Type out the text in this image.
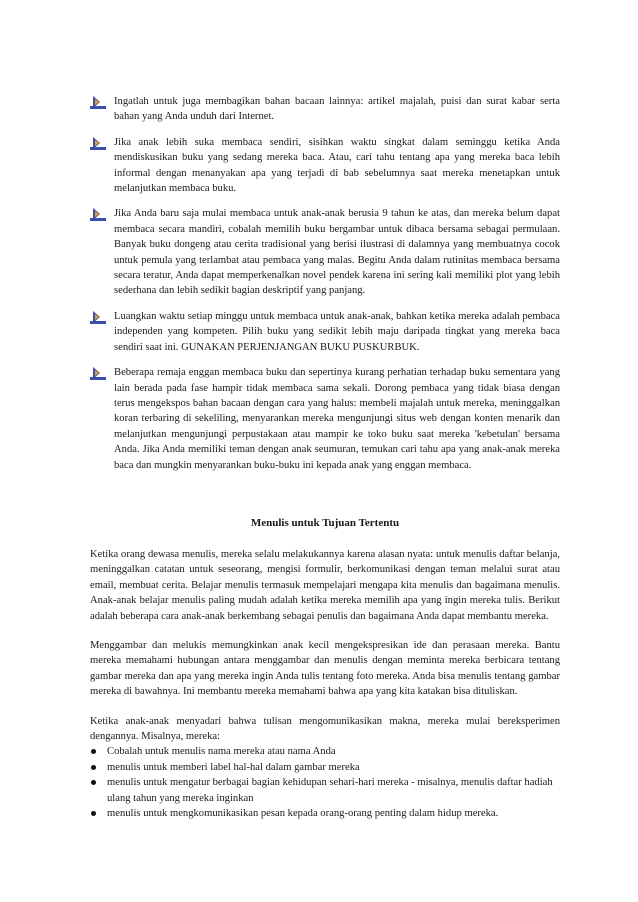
Ingatlah untuk juga membagikan bahan bacaan lainnya: artikel majalah, puisi dan surat kabar serta bahan yang Anda unduh dari Internet.
Jika anak lebih suka membaca sendiri, sisihkan waktu singkat dalam seminggu ketika Anda mendiskusikan buku yang sedang mereka baca. Atau, cari tahu tentang apa yang mereka baca lebih informal dengan menanyakan apa yang terjadi di bab sebelumnya saat mereka menetapkan untuk melanjutkan membaca buku.
Jika Anda baru saja mulai membaca untuk anak-anak berusia 9 tahun ke atas, dan mereka belum dapat membaca secara mandiri, cobalah memilih buku bergambar untuk dibaca bersama sebagai permulaan. Banyak buku dongeng atau cerita tradisional yang berisi ilustrasi di dalamnya yang membuatnya cocok untuk pemula yang terlambat atau pembaca yang malas. Begitu Anda dalam rutinitas membaca bersama secara teratur, Anda dapat memperkenalkan novel pendek karena ini sering kali memiliki plot yang lebih sederhana dan lebih sedikit bagian deskriptif yang panjang.
Luangkan waktu setiap minggu untuk membaca untuk anak-anak, bahkan ketika mereka adalah pembaca independen yang kompeten. Pilih buku yang sedikit lebih maju daripada tingkat yang mereka baca sendiri saat ini. GUNAKAN PERJENJANGAN BUKU PUSKURBUK.
Beberapa remaja enggan membaca buku dan sepertinya kurang perhatian terhadap buku sementara yang lain berada pada fase hampir tidak membaca sama sekali. Dorong pembaca yang tidak biasa dengan terus mengekspos bahan bacaan dengan cara yang halus: membeli majalah untuk mereka, meninggalkan koran terbaring di sekeliling, menyarankan mereka mengunjungi situs web dengan konten menarik dan melanjutkan mengunjungi perpustakaan atau mampir ke toko buku saat mereka 'kebetulan' bersama Anda. Jika Anda memiliki teman dengan anak seumuran, temukan cari tahu apa yang anak-anak mereka baca dan mungkin menyarankan buku-buku ini kepada anak yang enggan membaca.
Menulis untuk Tujuan Tertentu

Ketika orang dewasa menulis, mereka selalu melakukannya karena alasan nyata: untuk menulis daftar belanja, meninggalkan catatan untuk seseorang, mengisi formulir, berkomunikasi dengan teman melalui surat atau email, membuat cerita. Belajar menulis termasuk mempelajari mengapa kita menulis dan bagaimana menulis. Anak-anak belajar menulis paling mudah adalah ketika mereka memilih apa yang ingin mereka tulis. Berikut adalah beberapa cara anak-anak berkembang sebagai penulis dan bagaimana Anda dapat membantu mereka.

Menggambar dan melukis memungkinkan anak kecil mengekspresikan ide dan perasaan mereka. Bantu mereka memahami hubungan antara menggambar dan menulis dengan meminta mereka berbicara tentang gambar mereka dan apa yang mereka ingin Anda tulis tentang foto mereka. Anda bisa menulis tentang gambar mereka di bawahnya. Ini membantu mereka memahami bahwa apa yang kita katakan bisa dituliskan.

Ketika anak-anak menyadari bahwa tulisan mengomunikasikan makna, mereka mulai bereksperimen dengannya. Misalnya, mereka:

Cobalah untuk menulis nama mereka atau nama Anda
menulis untuk memberi label hal-hal dalam gambar mereka
menulis untuk mengatur berbagai bagian kehidupan sehari-hari mereka - misalnya, menulis daftar hadiah ulang tahun yang mereka inginkan
menulis untuk mengkomunikasikan pesan kepada orang-orang penting dalam hidup mereka.
